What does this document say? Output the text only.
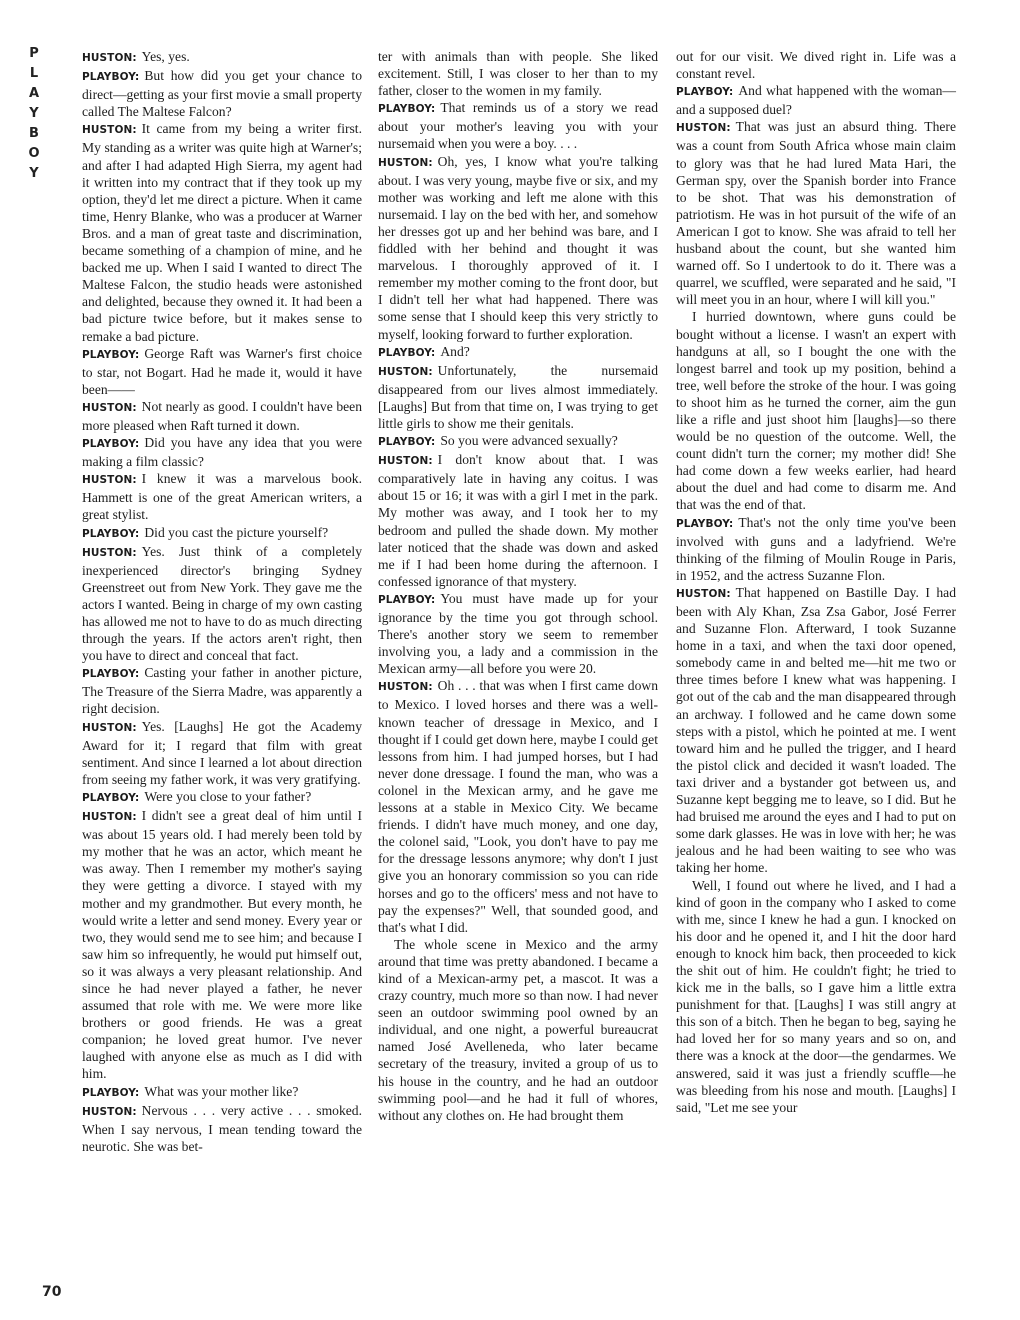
P
L
A
Y
B
O
Y

HUSTON: Yes, yes.

PLAYBOY: But how did you get your chance to direct—getting as your first movie a small property called The Maltese Falcon?

HUSTON: It came from my being a writer first. My standing as a writer was quite high at Warner's; and after I had adapted High Sierra, my agent had it written into my contract that if they took up my option, they'd let me direct a picture. When it came time, Henry Blanke, who was a producer at Warner Bros. and a man of great taste and discrimination, became something of a champion of mine, and he backed me up. When I said I wanted to direct The Maltese Falcon, the studio heads were astonished and delighted, because they owned it. It had been a bad picture twice before, but it makes sense to remake a bad picture.

PLAYBOY: George Raft was Warner's first choice to star, not Bogart. Had he made it, would it have been——

HUSTON: Not nearly as good. I couldn't have been more pleased when Raft turned it down.

PLAYBOY: Did you have any idea that you were making a film classic?

HUSTON: I knew it was a marvelous book. Hammett is one of the great American writers, a great stylist.

PLAYBOY: Did you cast the picture yourself?

HUSTON: Yes. Just think of a completely inexperienced director's bringing Sydney Greenstreet out from New York. They gave me the actors I wanted. Being in charge of my own casting has allowed me not to have to do as much directing through the years. If the actors aren't right, then you have to direct and conceal that fact.

PLAYBOY: Casting your father in another picture, The Treasure of the Sierra Madre, was apparently a right decision.

HUSTON: Yes. [Laughs] He got the Academy Award for it; I regard that film with great sentiment. And since I learned a lot about direction from seeing my father work, it was very gratifying.

PLAYBOY: Were you close to your father?

HUSTON: I didn't see a great deal of him until I was about 15 years old. I had merely been told by my mother that he was an actor, which meant he was away. Then I remember my mother's saying they were getting a divorce. I stayed with my mother and my grandmother. But every month, he would write a letter and send money. Every year or two, they would send me to see him; and because I saw him so infrequently, he would put himself out, so it was always a very pleasant relationship. And since he had never played a father, he never assumed that role with me. We were more like brothers or good friends. He was a great companion; he loved great humor. I've never laughed with anyone else as much as I did with him.

PLAYBOY: What was your mother like?

HUSTON: Nervous . . . very active . . . smoked. When I say nervous, I mean tending toward the neurotic. She was bet-

ter with animals than with people. She liked excitement. Still, I was closer to her than to my father, closer to the women in my family.

PLAYBOY: That reminds us of a story we read about your mother's leaving you with your nursemaid when you were a boy. . . .

HUSTON: Oh, yes, I know what you're talking about. I was very young, maybe five or six, and my mother was working and left me alone with this nursemaid. I lay on the bed with her, and somehow her dresses got up and her behind was bare, and I fiddled with her behind and thought it was marvelous. I thoroughly approved of it. I remember my mother coming to the front door, but I didn't tell her what had happened. There was some sense that I should keep this very strictly to myself, looking forward to further exploration.

PLAYBOY: And?

HUSTON: Unfortunately, the nursemaid disappeared from our lives almost immediately. [Laughs] But from that time on, I was trying to get little girls to show me their genitals.

PLAYBOY: So you were advanced sexually?

HUSTON: I don't know about that. I was comparatively late in having any coitus. I was about 15 or 16; it was with a girl I met in the park. My mother was away, and I took her to my bedroom and pulled the shade down. My mother later noticed that the shade was down and asked me if I had been home during the afternoon. I confessed ignorance of that mystery.

PLAYBOY: You must have made up for your ignorance by the time you got through school. There's another story we seem to remember involving you, a lady and a commission in the Mexican army—all before you were 20.

HUSTON: Oh . . . that was when I first came down to Mexico. I loved horses and there was a well-known teacher of dressage in Mexico, and I thought if I could get down here, maybe I could get lessons from him. I had jumped horses, but I had never done dressage. I found the man, who was a colonel in the Mexican army, and he gave me lessons at a stable in Mexico City. We became friends. I didn't have much money, and one day, the colonel said, "Look, you don't have to pay me for the dressage lessons anymore; why don't I just give you an honorary commission so you can ride horses and go to the officers' mess and not have to pay the expenses?" Well, that sounded good, and that's what I did.

The whole scene in Mexico and the army around that time was pretty abandoned. I became a kind of a Mexican-army pet, a mascot. It was a crazy country, much more so than now. I had never seen an outdoor swimming pool owned by an individual, and one night, a powerful bureaucrat named José Avelleneda, who later became secretary of the treasury, invited a group of us to his house in the country, and he had an outdoor swimming pool—and he had it full of whores, without any clothes on. He had brought them

out for our visit. We dived right in. Life was a constant revel.

PLAYBOY: And what happened with the woman—and a supposed duel?

HUSTON: That was just an absurd thing. There was a count from South Africa whose main claim to glory was that he had lured Mata Hari, the German spy, over the Spanish border into France to be shot. That was his demonstration of patriotism. He was in hot pursuit of the wife of an American I got to know. She was afraid to tell her husband about the count, but she wanted him warned off. So I undertook to do it. There was a quarrel, we scuffled, were separated and he said, "I will meet you in an hour, where I will kill you."

I hurried downtown, where guns could be bought without a license. I wasn't an expert with handguns at all, so I bought the one with the longest barrel and took up my position, behind a tree, well before the stroke of the hour. I was going to shoot him as he turned the corner, aim the gun like a rifle and just shoot him [laughs]—so there would be no question of the outcome. Well, the count didn't turn the corner; my mother did! She had come down a few weeks earlier, had heard about the duel and had come to disarm me. And that was the end of that.

PLAYBOY: That's not the only time you've been involved with guns and a ladyfriend. We're thinking of the filming of Moulin Rouge in Paris, in 1952, and the actress Suzanne Flon.

HUSTON: That happened on Bastille Day. I had been with Aly Khan, Zsa Zsa Gabor, José Ferrer and Suzanne Flon. Afterward, I took Suzanne home in a taxi, and when the taxi door opened, somebody came in and belted me—hit me two or three times before I knew what was happening. I got out of the cab and the man disappeared through an archway. I followed and he came down some steps with a pistol, which he pointed at me. I went toward him and he pulled the trigger, and I heard the pistol click and decided it wasn't loaded. The taxi driver and a bystander got between us, and Suzanne kept begging me to leave, so I did. But he had bruised me around the eyes and I had to put on some dark glasses. He was in love with her; he was jealous and he had been waiting to see who was taking her home.

Well, I found out where he lived, and I had a kind of goon in the company who I asked to come with me, since I knew he had a gun. I knocked on his door and he opened it, and I hit the door hard enough to knock him back, then proceeded to kick the shit out of him. He couldn't fight; he tried to kick me in the balls, so I gave him a little extra punishment for that. [Laughs] I was still angry at this son of a bitch. Then he began to beg, saying he had loved her for so many years and so on, and there was a knock at the door—the gendarmes. We answered, said it was just a friendly scuffle—he was bleeding from his nose and mouth. [Laughs] I said, "Let me see your

70
